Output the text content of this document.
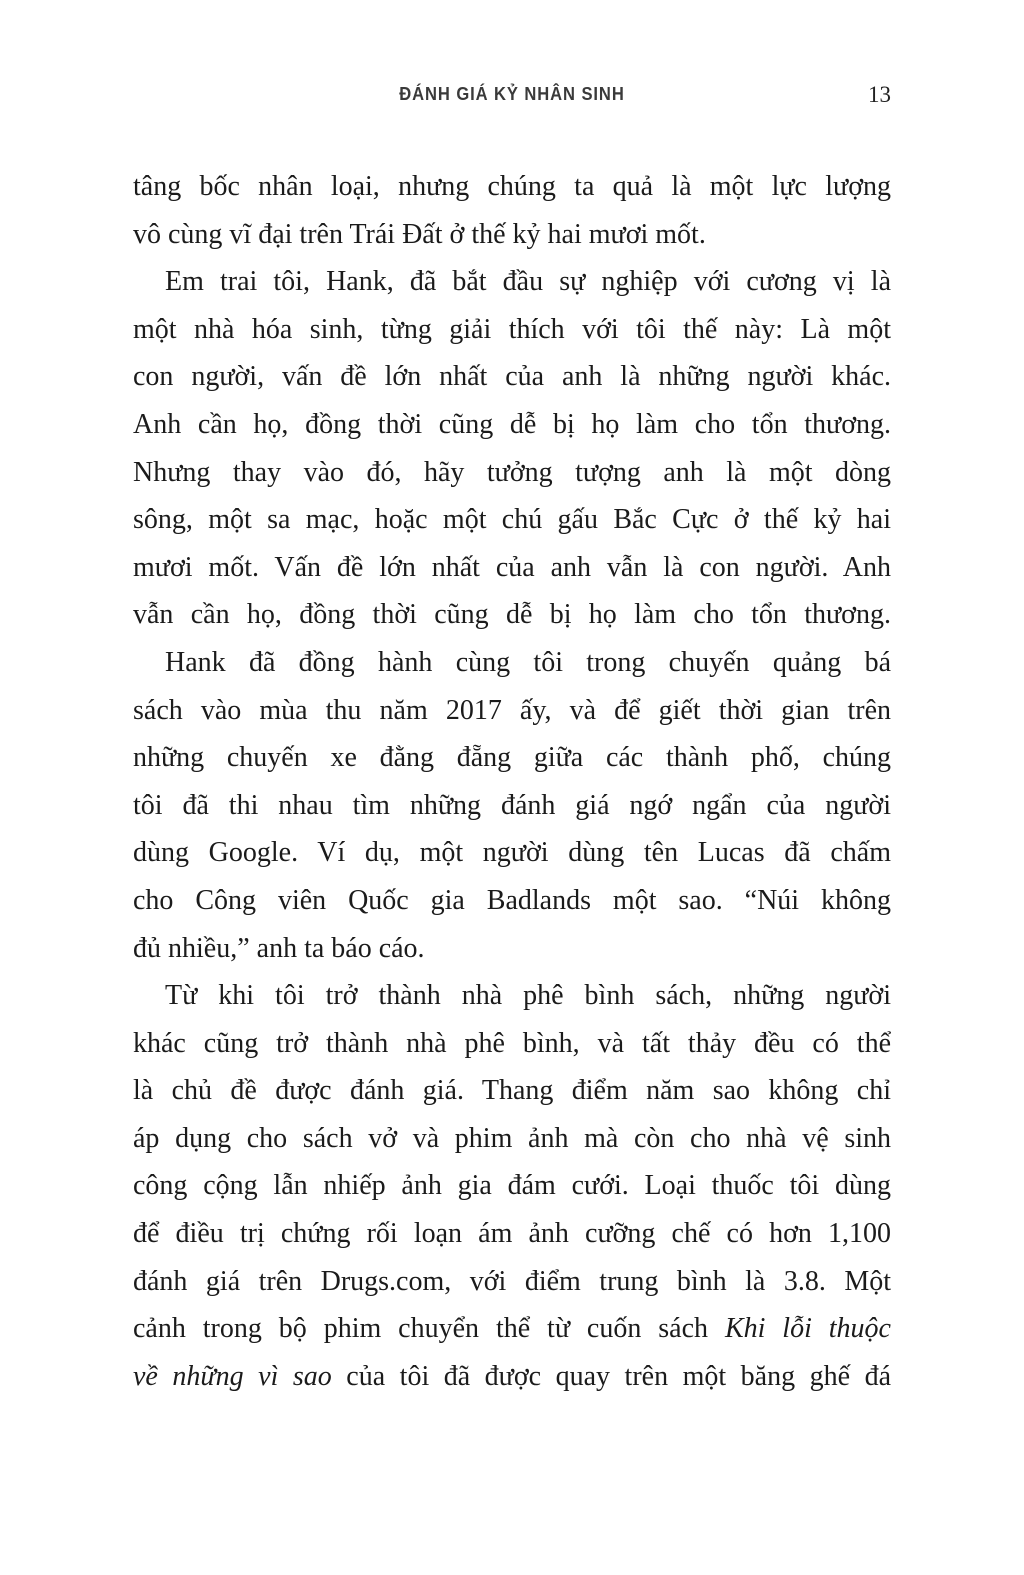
ĐÁNH GIÁ KỶ NHÂN SINH	13
tâng bốc nhân loại, nhưng chúng ta quả là một lực lượng
vô cùng vĩ đại trên Trái Đất ở thế kỷ hai mươi mốt.
Em trai tôi, Hank, đã bắt đầu sự nghiệp với cương vị là
một nhà hóa sinh, từng giải thích với tôi thế này: Là một
con người, vấn đề lớn nhất của anh là những người khác.
Anh cần họ, đồng thời cũng dễ bị họ làm cho tổn thương.
Nhưng thay vào đó, hãy tưởng tượng anh là một dòng
sông, một sa mạc, hoặc một chú gấu Bắc Cực ở thế kỷ hai
mươi mốt. Vấn đề lớn nhất của anh vẫn là con người. Anh
vẫn cần họ, đồng thời cũng dễ bị họ làm cho tổn thương.
Hank đã đồng hành cùng tôi trong chuyến quảng bá
sách vào mùa thu năm 2017 ấy, và để giết thời gian trên
những chuyến xe đằng đẵng giữa các thành phố, chúng
tôi đã thi nhau tìm những đánh giá ngớ ngẩn của người
dùng Google. Ví dụ, một người dùng tên Lucas đã chấm
cho Công viên Quốc gia Badlands một sao. “Núi không
đủ nhiều,” anh ta báo cáo.
Từ khi tôi trở thành nhà phê bình sách, những người
khác cũng trở thành nhà phê bình, và tất thảy đều có thể
là chủ đề được đánh giá. Thang điểm năm sao không chỉ
áp dụng cho sách vở và phim ảnh mà còn cho nhà vệ sinh
công cộng lẫn nhiếp ảnh gia đám cưới. Loại thuốc tôi dùng
để điều trị chứng rối loạn ám ảnh cưỡng chế có hơn 1,100
đánh giá trên Drugs.com, với điểm trung bình là 3.8. Một
cảnh trong bộ phim chuyển thể từ cuốn sách Khi lỗi thuộc
về những vì sao của tôi đã được quay trên một băng ghế đá
